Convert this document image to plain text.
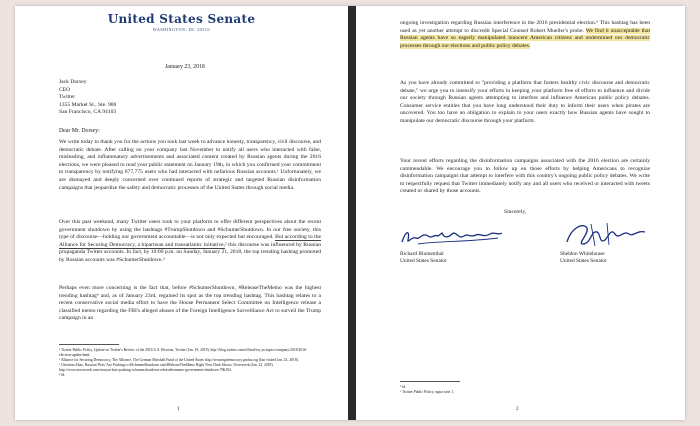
United States Senate
WASHINGTON, DC 20510
January 23, 2018
Jack Dorsey
CEO
Twitter
1355 Market St., Ste. 900
San Francisco, CA 94103
Dear Mr. Dorsey:
We write today to thank you for the actions you took last week to advance honesty, transparency, civil discourse, and democratic debate. After calling on your company last November to notify all users who interacted with false, misleading, and inflammatory advertisements and associated content created by Russian agents during the 2016 elections, we were pleased to read your public statement on January 19th, in which you confirmed your commitment to transparency by notifying 677,775 users who had interacted with nefarious Russian accounts.¹ Unfortunately, we are dismayed and deeply concerned over continued reports of strategic and targeted Russian disinformation campaigns that jeopardize the safety and democratic processes of the United States through social media.
Over this past weekend, many Twitter users took to your platform to offer different perspectives about the recent government shutdown by using the hashtags #TrumpShutdown and #SchumerShutdown. In our free society, this type of discourse—holding our government accountable—is not only expected but encouraged. But according to the Alliance for Securing Democracy, a bipartisan and transatlantic initiative,² this discourse was influenced by Russian propaganda Twitter accounts. In fact, by 10:00 p.m. on Sunday, January 21, 2018, the top trending hashtag promoted by Russian accounts was #SchumerShutdown.³
Perhaps even more concerning is the fact that, before #SchumerShutdown, #ReleaseTheMemo was the highest trending hashtag⁴ and, as of January 23rd, regained its spot as the top trending hashtag. This hashtag relates to a recent conservative social media effort to have the House Permanent Select Committee on Intelligence release a classified memo regarding the FBI's alleged abuses of the Foreign Intelligence Surveillance Act to surveil the Trump campaign in an
¹ Twitter Public Policy, Update on Twitter's Review of the 2016 U.S. Election, Twitter (Jan. 19, 2018), http://blog.twitter.com/official/en_us/topics/company/2018/2016-election-update.html.
² Alliance for Securing Democracy, The Alliance, The German Marshall Fund of the United States http://securingdemocracy.gmfus.org (last visited Jan. 23, 2018).
³ Christina Zhao, Russian 'Bots' Are Pushing to #SchumerShutdown and #ReleaseTheMemo Right Now Dash Shows, Newsweek (Jan. 22, 2018), http://www.newsweek.com/russian-bots-pushing-schumershutdown-releasethememo-government-shutdown-786294.
⁴ Id.
1
ongoing investigation regarding Russian interference in the 2016 presidential election.⁵ This hashtag has been used as yet another attempt to discredit Special Counsel Robert Mueller's probe. We find it unacceptable that Russian agents have so eagerly manipulated innocent American citizens and undermined our democratic processes through our elections and public policy debates.
As you have already committed to "providing a platform that fosters healthy civic discourse and democratic debate," we urge you to intensify your efforts in keeping your platform free of efforts to influence and divide our society through Russian agents attempting to interfere and influence American public policy debates. Consumer service entities that you have long understood their duty to inform their users when pirates are uncovered. You too have an obligation to explain to your users exactly how Russian agents have sought to manipulate our democratic discourse through your platform.
Your recent efforts regarding the disinformation campaigns associated with the 2016 election are certainly commendable. We encourage you to follow up on those efforts by helping Americans to recognize disinformation campaigns that attempt to interfere with this country's ongoing public policy debates. We write to respectfully request that Twitter immediately notify any and all users who received or interacted with tweets created or shared by those accounts.
Sincerely,
Richard Blumenthal
United States Senator
Sheldon Whitehouse
United States Senator
⁵ Id.
⁶ Twitter Public Policy, supra note 1.
2
